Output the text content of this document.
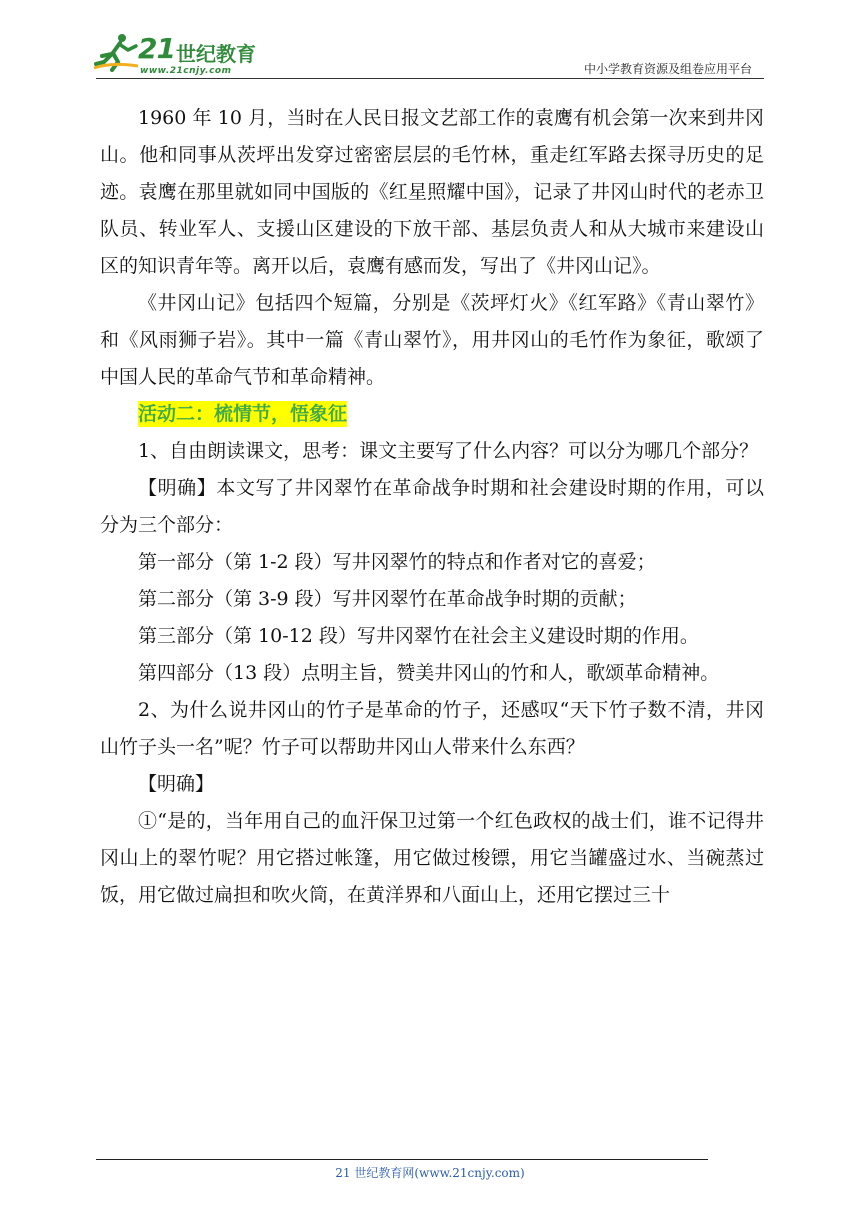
21 世纪教育
www.21cnjy.com	中小学教育资源及组卷应用平台

1960 年 10 月，当时在人民日报文艺部工作的袁鹰有机会第一次来到井冈山。他和同事从茨坪出发穿过密密层层的毛竹林，重走红军路去探寻历史的足迹。袁鹰在那里就如同中国版的《红星照耀中国》，记录了井冈山时代的老赤卫队员、转业军人、支援山区建设的下放干部、基层负责人和从大城市来建设山区的知识青年等。离开以后，袁鹰有感而发，写出了《井冈山记》。

《井冈山记》包括四个短篇，分别是《茨坪灯火》《红军路》《青山翠竹》和《风雨狮子岩》。其中一篇《青山翠竹》，用井冈山的毛竹作为象征，歌颂了中国人民的革命气节和革命精神。

活动二：梳情节，悟象征

1、自由朗读课文，思考：课文主要写了什么内容？可以分为哪几个部分？

【明确】本文写了井冈翠竹在革命战争时期和社会建设时期的作用，可以分为三个部分：

第一部分（第 1-2 段）写井冈翠竹的特点和作者对它的喜爱；

第二部分（第 3-9 段）写井冈翠竹在革命战争时期的贡献；

第三部分（第 10-12 段）写井冈翠竹在社会主义建设时期的作用。

第四部分（13 段）点明主旨，赞美井冈山的竹和人，歌颂革命精神。

2、为什么说井冈山的竹子是革命的竹子，还感叹“天下竹子数不清，井冈山竹子头一名”呢？竹子可以帮助井冈山人带来什么东西？

【明确】

①“是的，当年用自己的血汗保卫过第一个红色政权的战士们，谁不记得井冈山上的翠竹呢？用它搭过帐篷，用它做过梭镖，用它当罐盛过水、当碗蒸过饭，用它做过扁担和吹火筒，在黄洋界和八面山上，还用它摆过三十

21 世纪教育网(www.21cnjy.com)
